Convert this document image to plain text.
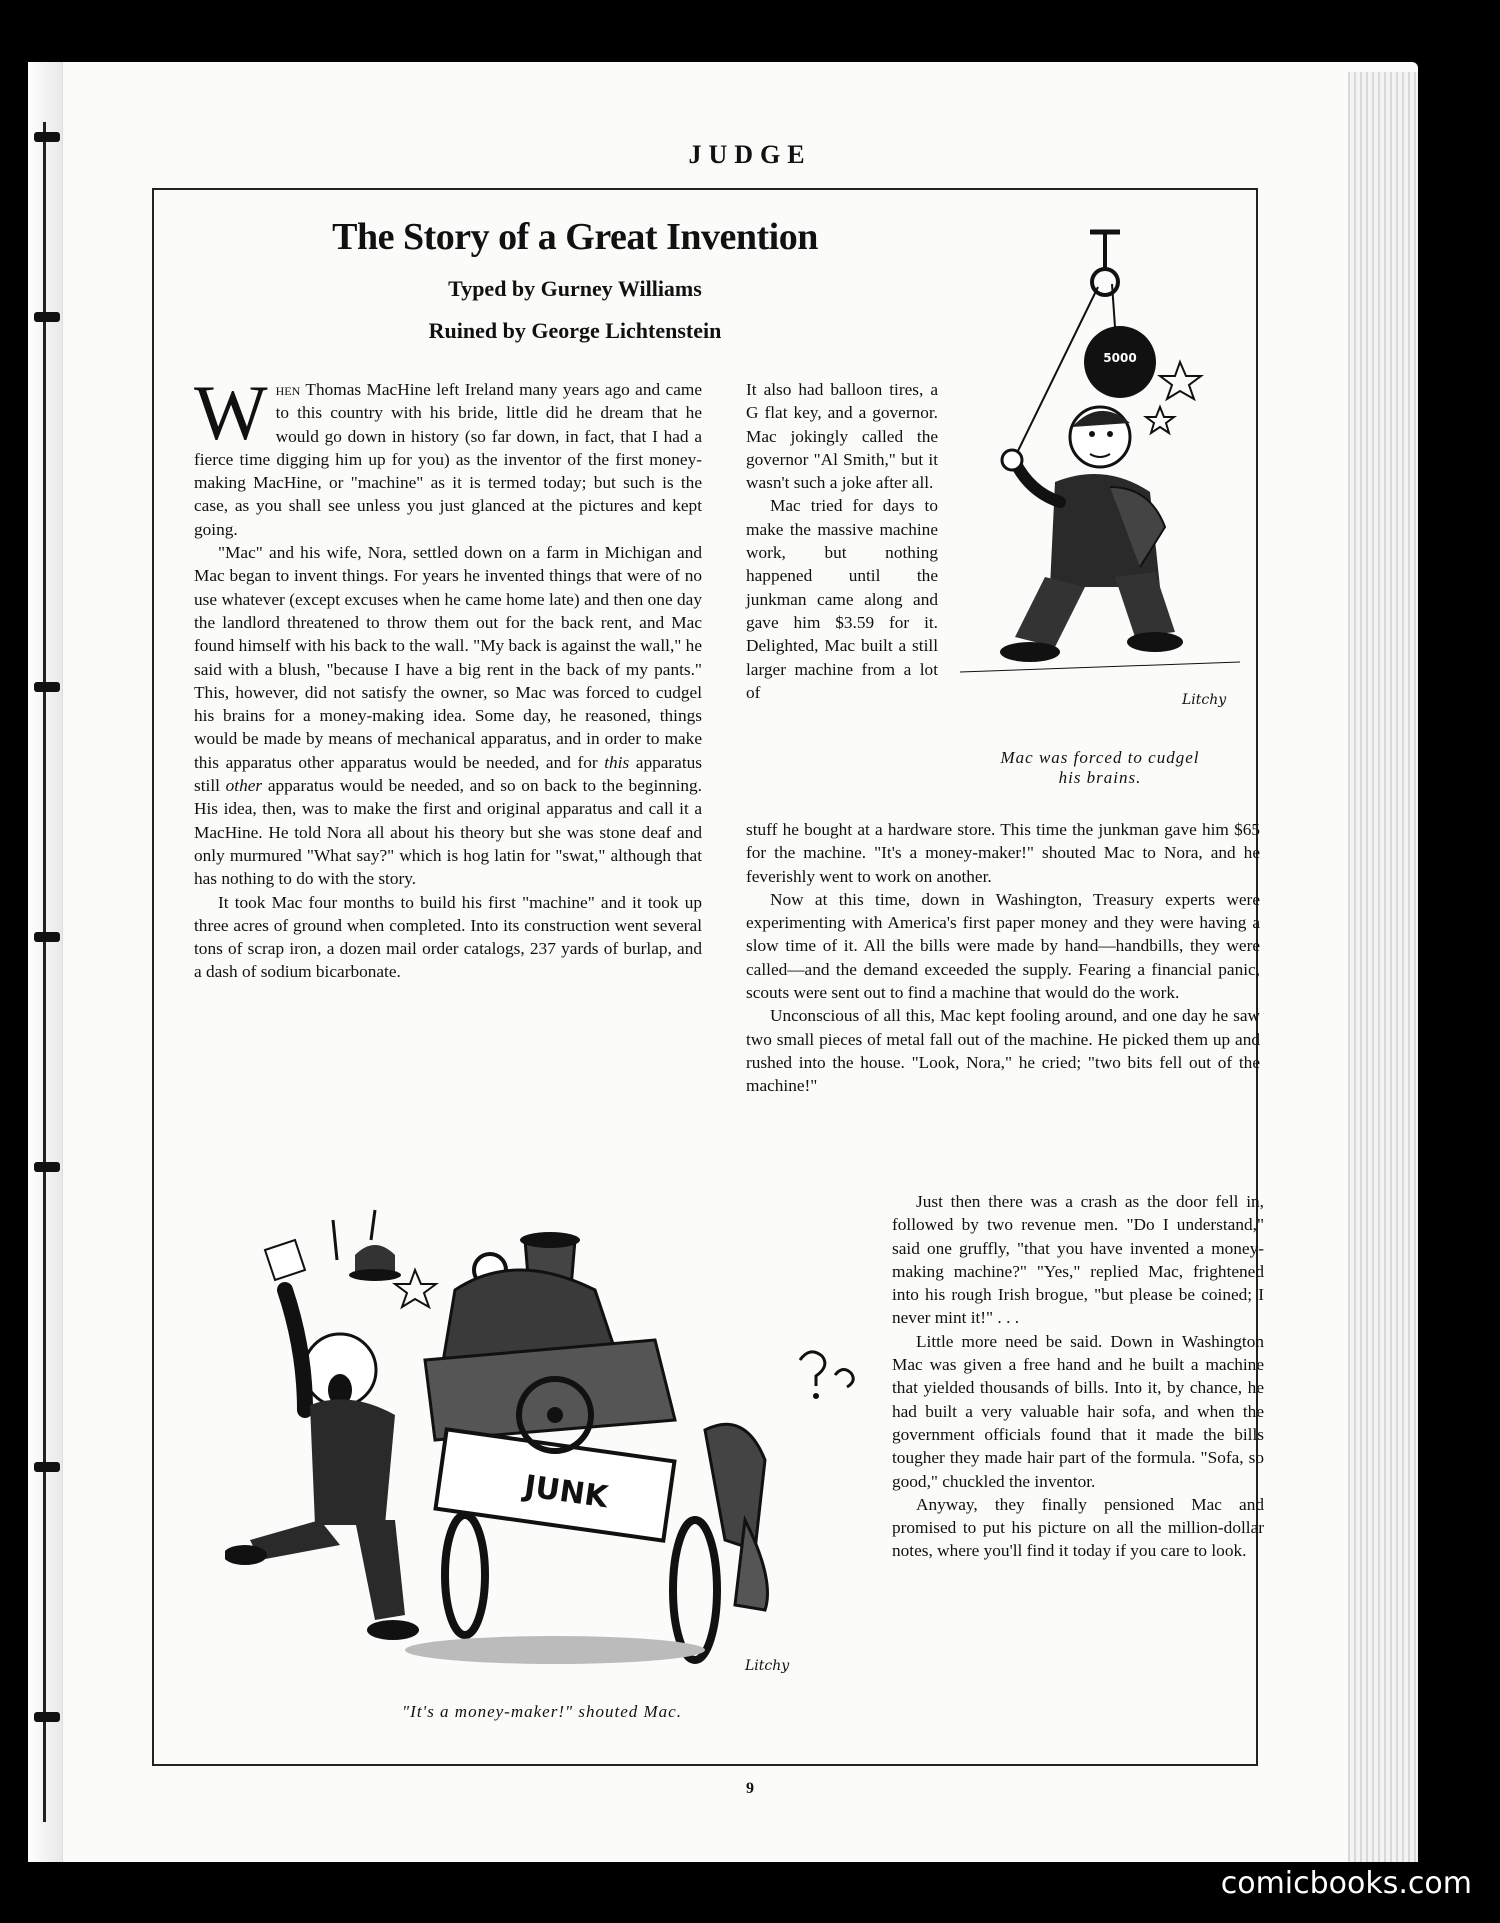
JUDGE
The Story of a Great Invention
Typed by Gurney Williams
Ruined by George Lichtenstein

When Thomas MacHine left Ireland many years ago and came to this country with his bride, little did he dream that he would go down in history (so far down, in fact, that I had a fierce time digging him up for you) as the inventor of the first money-making MacHine, or "machine" as it is termed today; but such is the case, as you shall see unless you just glanced at the pictures and kept going.

"Mac" and his wife, Nora, settled down on a farm in Michigan and Mac began to invent things. For years he invented things that were of no use whatever (except excuses when he came home late) and then one day the landlord threatened to throw them out for the back rent, and Mac found himself with his back to the wall. "My back is against the wall," he said with a blush, "because I have a big rent in the back of my pants." This, however, did not satisfy the owner, so Mac was forced to cudgel his brains for a money-making idea. Some day, he reasoned, things would be made by means of mechanical apparatus, and in order to make this apparatus other apparatus would be needed, and for this apparatus still other apparatus would be needed, and so on back to the beginning. His idea, then, was to make the first and original apparatus and call it a MacHine. He told Nora all about his theory but she was stone deaf and only murmured "What say?" which is hog latin for "swat," although that has nothing to do with the story.

It took Mac four months to build his first "machine" and it took up three acres of ground when completed. Into its construction went several tons of scrap iron, a dozen mail order catalogs, 237 yards of burlap, and a dash of sodium bicarbonate.

It also had balloon tires, a G flat key, and a governor. Mac jokingly called the governor "Al Smith," but it wasn't such a joke after all.

Mac tried for days to make the massive machine work, but nothing happened until the junkman came along and gave him $3.59 for it. Delighted, Mac built a still larger machine from a lot of

stuff he bought at a hardware store. This time the junkman gave him $65 for the machine. "It's a money-maker!" shouted Mac to Nora, and he feverishly went to work on another.

Now at this time, down in Washington, Treasury experts were experimenting with America's first paper money and they were having a slow time of it. All the bills were made by hand—handbills, they were called—and the demand exceeded the supply. Fearing a financial panic, scouts were sent out to find a machine that would do the work.

Unconscious of all this, Mac kept fooling around, and one day he saw two small pieces of metal fall out of the machine. He picked them up and rushed into the house. "Look, Nora," he cried; "two bits fell out of the machine!"

Just then there was a crash as the door fell in, followed by two revenue men. "Do I understand," said one gruffly, "that you have invented a money-making machine?" "Yes," replied Mac, frightened into his rough Irish brogue, "but please be coined; I never mint it!" . . .

Little more need be said. Down in Washington Mac was given a free hand and he built a machine that yielded thousands of bills. Into it, by chance, he had built a very valuable hair sofa, and when the government officials found that it made the bills tougher they made hair part of the formula. "Sofa, so good," chuckled the inventor.

Anyway, they finally pensioned Mac and promised to put his picture on all the million-dollar notes, where you'll find it today if you care to look.

5000
Litchy
Mac was forced to cudgel
his brains.
JUNK
Litchy
"It's a money-maker!" shouted Mac.
9
comicbooks.com
